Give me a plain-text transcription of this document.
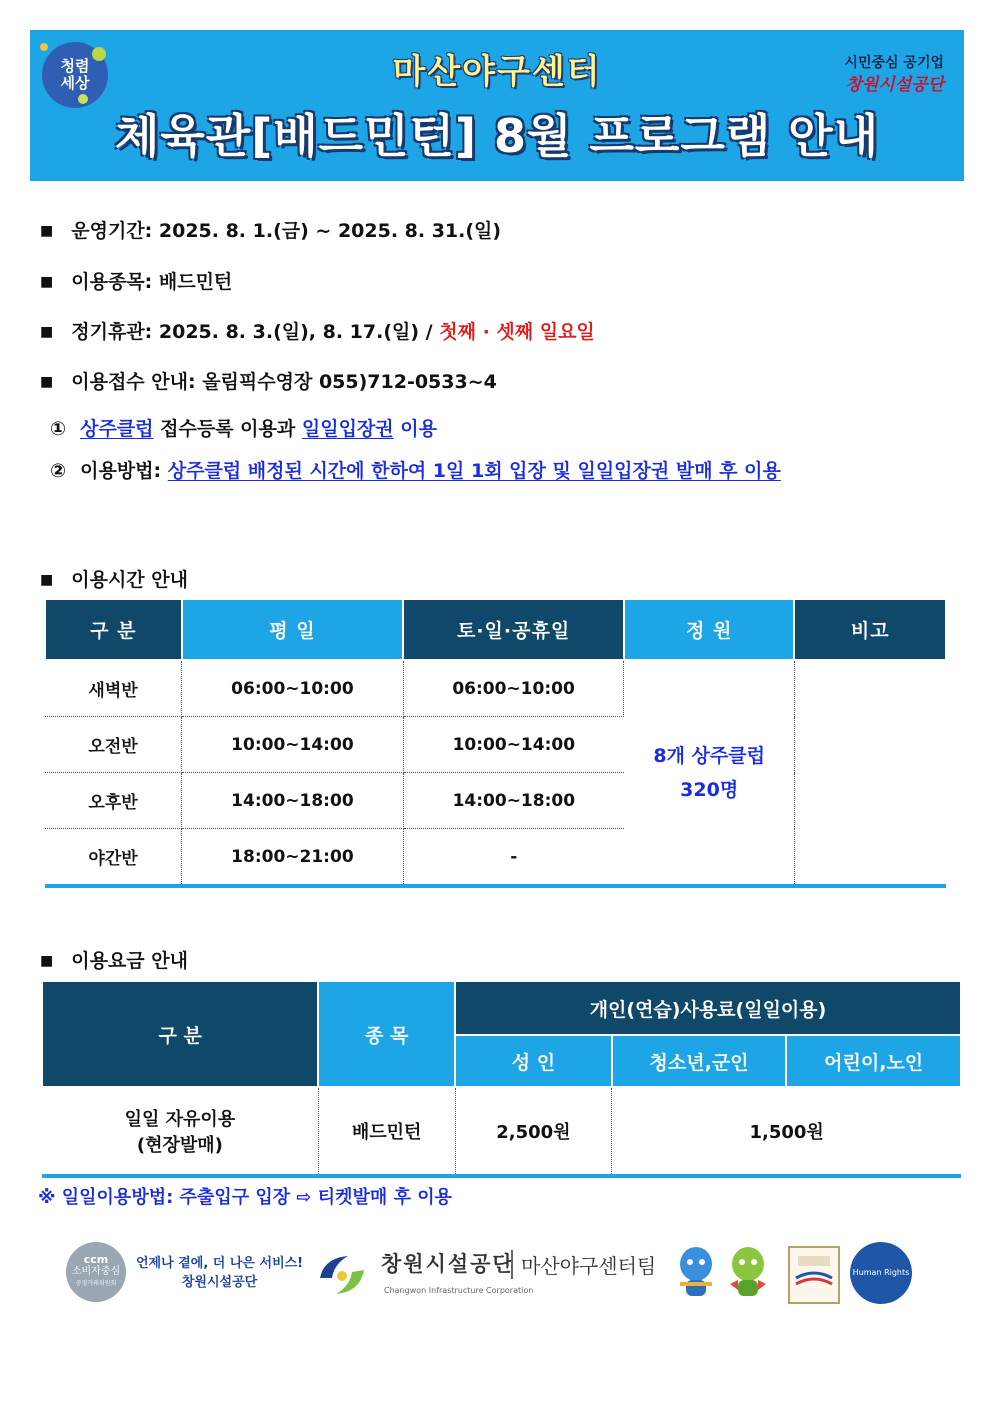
청렴
세상	마산야구센터
체육관[배드민턴] 8월 프로그램 안내
시민중심 공기업
창원시설공단
■ 운영기간: 2025. 8. 1.(금) ~ 2025. 8. 31.(일)
■ 이용종목: 배드민턴
■ 정기휴관: 2025. 8. 3.(일), 8. 17.(일) / 첫째 · 셋째 일요일
■ 이용접수 안내: 올림픽수영장 055)712-0533~4
① 상주클럽 접수등록 이용과 일일입장권 이용
② 이용방법: 상주클럽 배정된 시간에 한하여 1일 1회 입장 및 일일입장권 발매 후 이용
■ 이용시간 안내
구 분	평 일	토·일·공휴일	정 원	비고
새벽반	06:00~10:00	06:00~10:00	8개 상주클럽
320명	
오전반	10:00~14:00	10:00~14:00		
오후반	14:00~18:00	14:00~18:00		
야간반	18:00~21:00	-		
■ 이용요금 안내
구 분	종 목	개인(연습)사용료(일일이용)		
		성 인	청소년,군인	어린이,노인
일일 자유이용
(현장발매)	배드민턴	2,500원	1,500원	
※ 일일이용방법: 주출입구 입장 ⇨ 티켓발매 후 이용
ccm
소비자중심
공정거래위원회
언제나 곁에, 더 나은 서비스!
창원시설공단
창원시설공단
Changwon Infrastructure Corporation
마산야구센터팀	Human Rights
